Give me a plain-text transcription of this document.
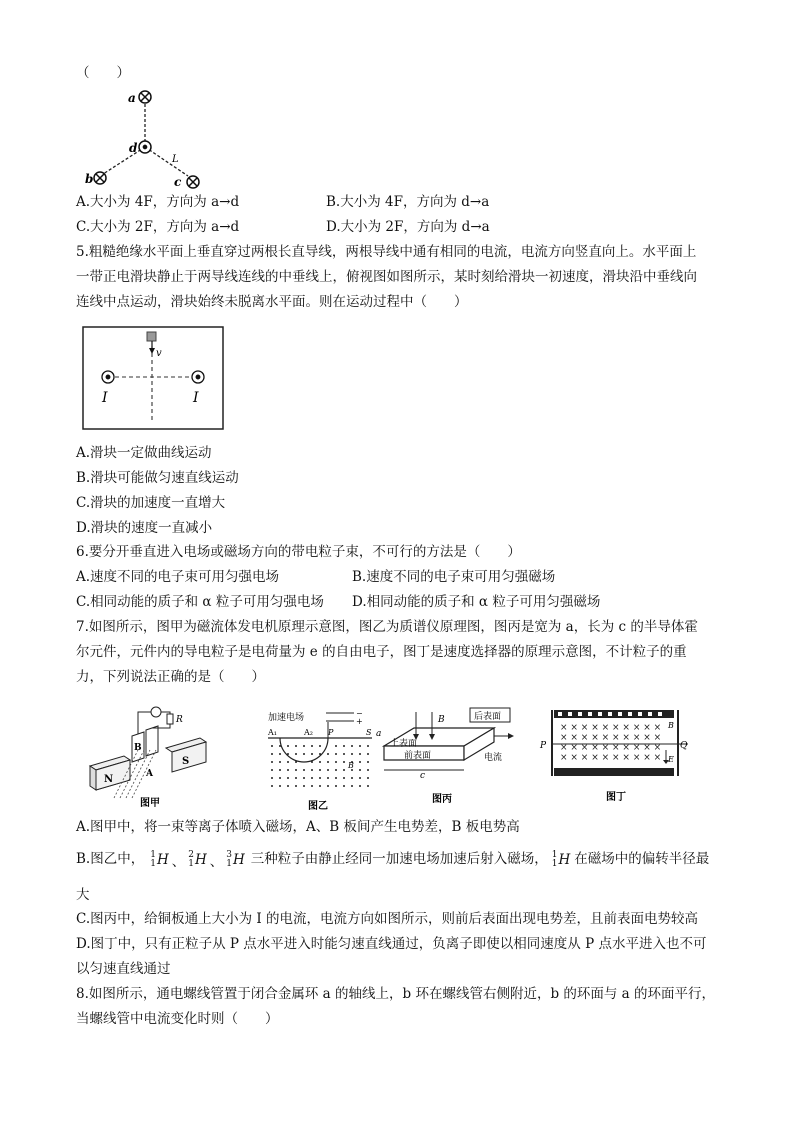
（　　）
a
d
L
b	c
A.大小为 4F，方向为 a→d	B.大小为 4F，方向为 d→a
C.大小为 2F，方向为 a→d	D.大小为 2F，方向为 d→a
5.粗糙绝缘水平面上垂直穿过两根长直导线，两根导线中通有相同的电流，电流方向竖直向上。水平面上
一带正电滑块静止于两导线连线的中垂线上，俯视图如图所示，某时刻给滑块一初速度，滑块沿中垂线向
连线中点运动，滑块始终未脱离水平面。则在运动过程中（　　）
v
I	I
A.滑块一定做曲线运动
B.滑块可能做匀速直线运动
C.滑块的加速度一直增大
D.滑块的速度一直减小
6.要分开垂直进入电场或磁场方向的带电粒子束，不可行的方法是（　　）
A.速度不同的电子束可用匀强电场	B.速度不同的电子束可用匀强磁场
C.相同动能的质子和 α 粒子可用匀强电场 D.相同动能的质子和 α 粒子可用匀强磁场
7.如图所示，图甲为磁流体发电机原理示意图，图乙为质谱仪原理图，图丙是宽为 a，长为 c 的半导体霍
尔元件，元件内的导电粒子是电荷量为 e 的自由电子，图丁是速度选择器的原理示意图，不计粒子的重
力，下列说法正确的是（　　）
N
S
B
A
R
图甲
加速电场	−
+
A₁	A₂ P	S
B
图乙
B	后表面
上表面
前表面	电流
c
a
图丙
× × × × × × × × × ×
× × × × × × × × × ×
× × × × × × × × × ×
× × × × × × × × × ×
P	Q
B
E
图丁
A.图甲中，将一束等离子体喷入磁场，A、B 板间产生电势差，B 板电势高
B.图乙中， 1
1 H 、 2
1 H 、 3
1 H 三种粒子由静止经同一加速电场加速后射入磁场， 1
1 H 在磁场中的偏转半径最
大
C.图丙中，给铜板通上大小为 I 的电流，电流方向如图所示，则前后表面出现电势差，且前表面电势较高
D.图丁中，只有正粒子从 P 点水平进入时能匀速直线通过，负离子即使以相同速度从 P 点水平进入也不可
以匀速直线通过
8.如图所示，通电螺线管置于闭合金属环 a 的轴线上，b 环在螺线管右侧附近，b 的环面与 a 的环面平行，
当螺线管中电流变化时则（　　）
